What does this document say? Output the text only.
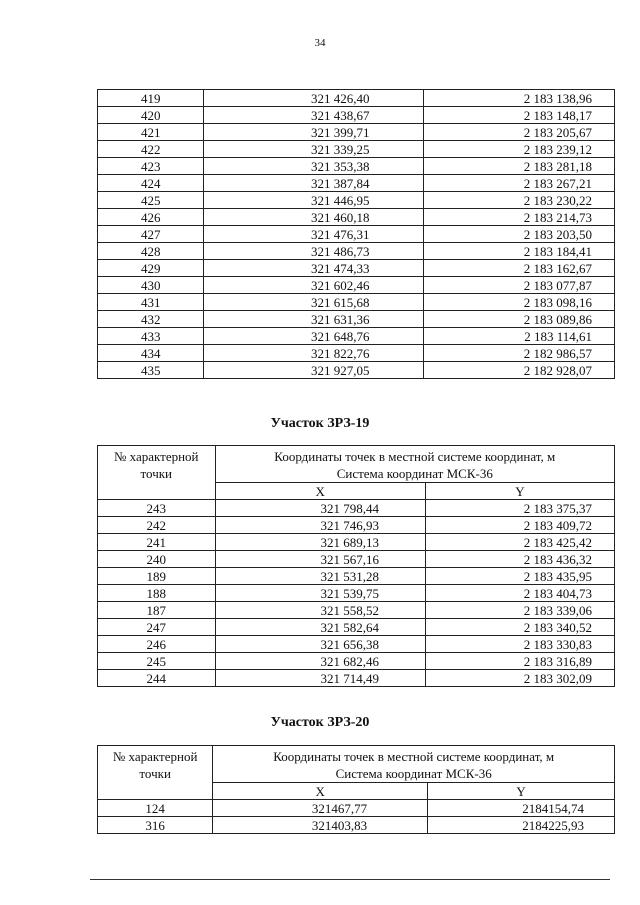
34
419	321 426,40	2 183 138,96
420	321 438,67	2 183 148,17
421	321 399,71	2 183 205,67
422	321 339,25	2 183 239,12
423	321 353,38	2 183 281,18
424	321 387,84	2 183 267,21
425	321 446,95	2 183 230,22
426	321 460,18	2 183 214,73
427	321 476,31	2 183 203,50
428	321 486,73	2 183 184,41
429	321 474,33	2 183 162,67
430	321 602,46	2 183 077,87
431	321 615,68	2 183 098,16
432	321 631,36	2 183 089,86
433	321 648,76	2 183 114,61
434	321 822,76	2 182 986,57
435	321 927,05	2 182 928,07
Участок ЗРЗ-19
№ характерной
точки	Координаты точек в местной системе координат, м
Система координат МСК-36	
	X	Y
243	321 798,44	2 183 375,37
242	321 746,93	2 183 409,72
241	321 689,13	2 183 425,42
240	321 567,16	2 183 436,32
189	321 531,28	2 183 435,95
188	321 539,75	2 183 404,73
187	321 558,52	2 183 339,06
247	321 582,64	2 183 340,52
246	321 656,38	2 183 330,83
245	321 682,46	2 183 316,89
244	321 714,49	2 183 302,09
Участок ЗРЗ-20
№ характерной
точки	Координаты точек в местной системе координат, м
Система координат МСК-36	
	X	Y
124	321467,77	2184154,74
316	321403,83	2184225,93
